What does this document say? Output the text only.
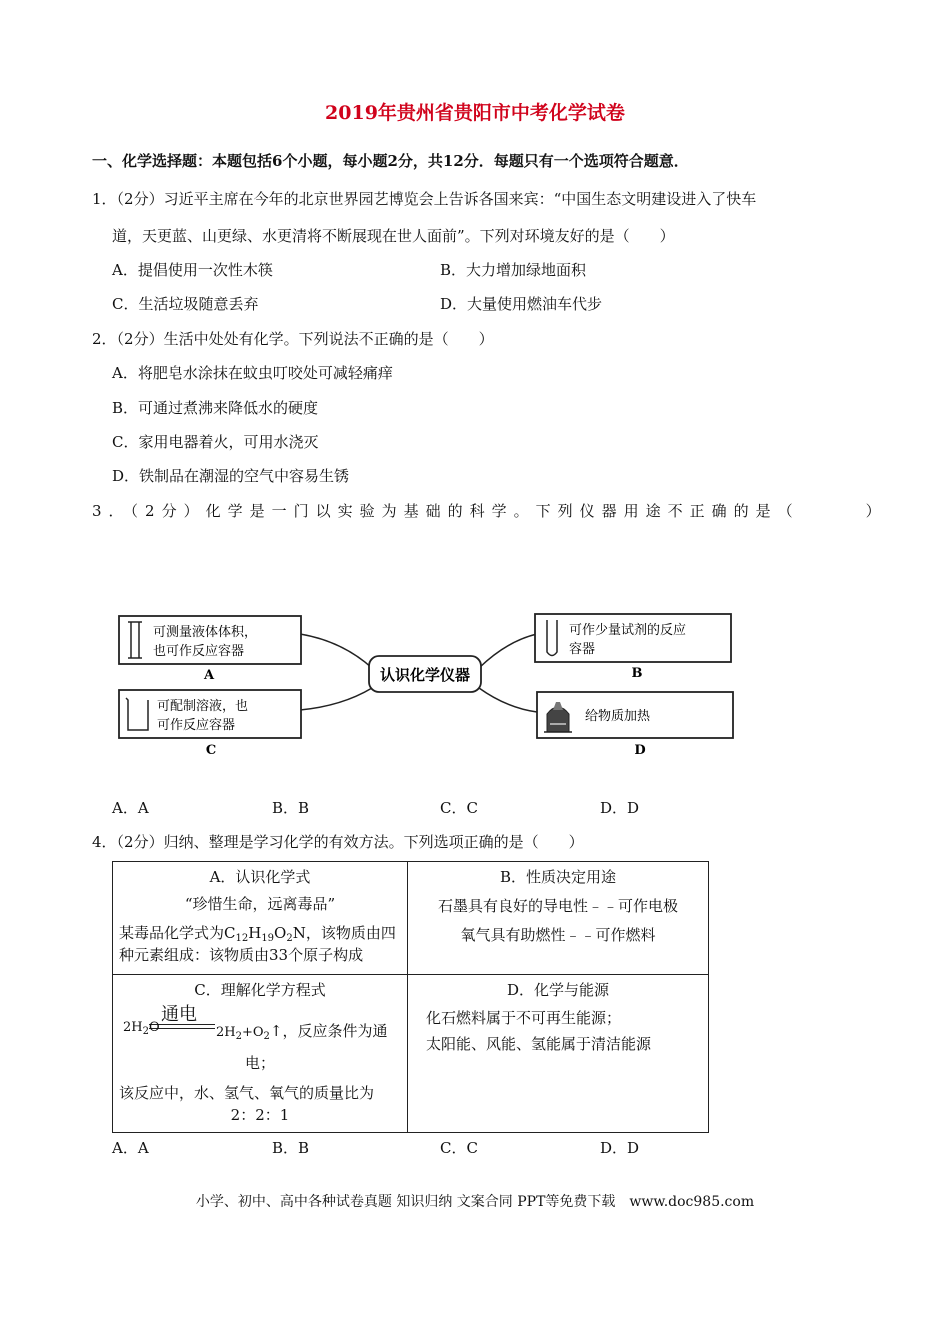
2019年贵州省贵阳市中考化学试卷
一、化学选择题：本题包括6个小题，每小题2分，共12分．每题只有一个选项符合题意．
1．（2分）习近平主席在今年的北京世界园艺博览会上告诉各国来宾：“中国生态文明建设进入了快车
道，天更蓝、山更绿、水更清将不断展现在世人面前”。下列对环境友好的是（　　）
A．提倡使用一次性木筷	B．大力增加绿地面积
C．生活垃圾随意丢弃	D．大量使用燃油车代步
2．（2分）生活中处处有化学。下列说法不正确的是（　　）
A．将肥皂水涂抹在蚊虫叮咬处可减轻痛痒
B．可通过煮沸来降低水的硬度
C．家用电器着火，可用水浇灭
D．铁制品在潮湿的空气中容易生锈
3．（2分）化学是一门以实验为基础的科学。下列仪器用途不正确的是（　　　）
认识化学仪器
可测量液体体积，
也可作反应容器
A
可作少量试剂的反应
容器
B
可配制溶液，也
可作反应容器
C
给物质加热
D
A．A	B．B	C．C	D．D
4．（2分）归纳、整理是学习化学的有效方法。下列选项正确的是（　　）
A．认识化学式
“珍惜生命，远离毒品”
某毒品化学式为$C_{12}H_{19}O_2N$，该物质由四
种元素组成：该物质由33个原子构成
B．性质决定用途
石墨具有良好的导电性﹣﹣可作电极
氧气具有助燃性﹣﹣可作燃料
C．理解化学方程式
通电
$2H_2O$	$2H_2+O_2↑$，反应条件为通
电；
该反应中，水、氢气、氧气的质量比为
2：2：1
D．化学与能源
化石燃料属于不可再生能源；
太阳能、风能、氢能属于清洁能源
A．A	B．B	C．C	D．D
小学、初中、高中各种试卷真题 知识归纳 文案合同 PPT等免费下载　www.doc985.com
